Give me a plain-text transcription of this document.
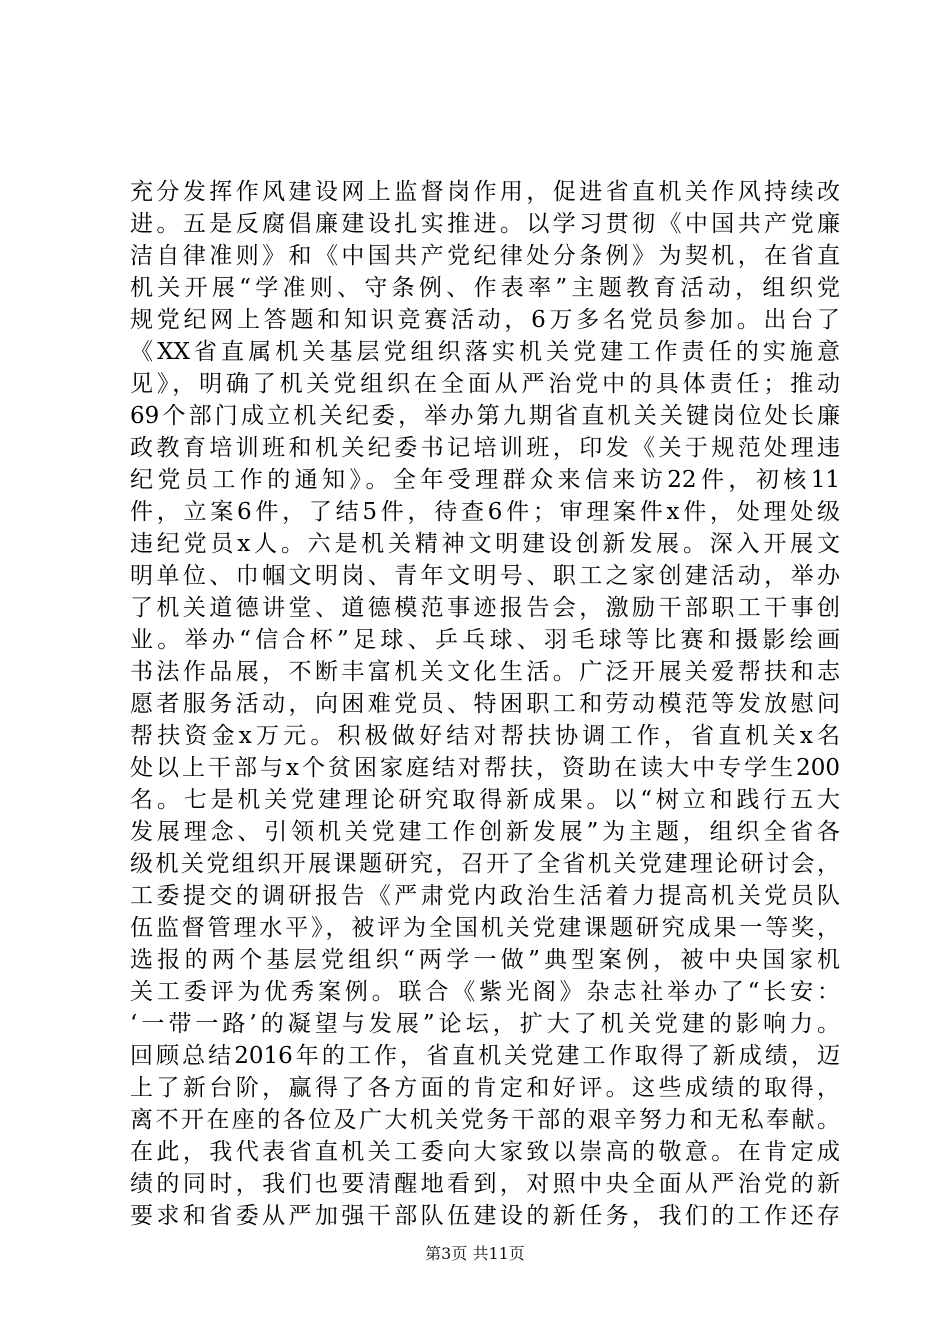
充分发挥作风建设网上监督岗作用，促进省直机关作风持续改
进。五是反腐倡廉建设扎实推进。以学习贯彻《中国共产党廉
洁自律准则》和《中国共产党纪律处分条例》为契机，在省直
机关开展“学准则、守条例、作表率”主题教育活动，组织党
规党纪网上答题和知识竞赛活动，6万多名党员参加。出台了
《XX省直属机关基层党组织落实机关党建工作责任的实施意
见》，明确了机关党组织在全面从严治党中的具体责任；推动
69个部门成立机关纪委，举办第九期省直机关关键岗位处长廉
政教育培训班和机关纪委书记培训班，印发《关于规范处理违
纪党员工作的通知》。全年受理群众来信来访22件，初核11
件，立案6件，了结5件，待查6件；审理案件x件，处理处级
违纪党员x人。六是机关精神文明建设创新发展。深入开展文
明单位、巾帼文明岗、青年文明号、职工之家创建活动，举办
了机关道德讲堂、道德模范事迹报告会，激励干部职工干事创
业。举办“信合杯”足球、乒乓球、羽毛球等比赛和摄影绘画
书法作品展，不断丰富机关文化生活。广泛开展关爱帮扶和志
愿者服务活动，向困难党员、特困职工和劳动模范等发放慰问
帮扶资金x万元。积极做好结对帮扶协调工作，省直机关x名
处以上干部与x个贫困家庭结对帮扶，资助在读大中专学生200
名。七是机关党建理论研究取得新成果。以“树立和践行五大
发展理念、引领机关党建工作创新发展”为主题，组织全省各
级机关党组织开展课题研究，召开了全省机关党建理论研讨会，
工委提交的调研报告《严肃党内政治生活着力提高机关党员队
伍监督管理水平》，被评为全国机关党建课题研究成果一等奖，
选报的两个基层党组织“两学一做”典型案例，被中央国家机
关工委评为优秀案例。联合《紫光阁》杂志社举办了“长安：
‘一带一路’的凝望与发展”论坛，扩大了机关党建的影响力。
回顾总结2016年的工作，省直机关党建工作取得了新成绩，迈
上了新台阶，赢得了各方面的肯定和好评。这些成绩的取得，
离不开在座的各位及广大机关党务干部的艰辛努力和无私奉献。
在此，我代表省直机关工委向大家致以崇高的敬意。在肯定成
绩的同时，我们也要清醒地看到，对照中央全面从严治党的新
要求和省委从严加强干部队伍建设的新任务，我们的工作还存
第3页 共11页
